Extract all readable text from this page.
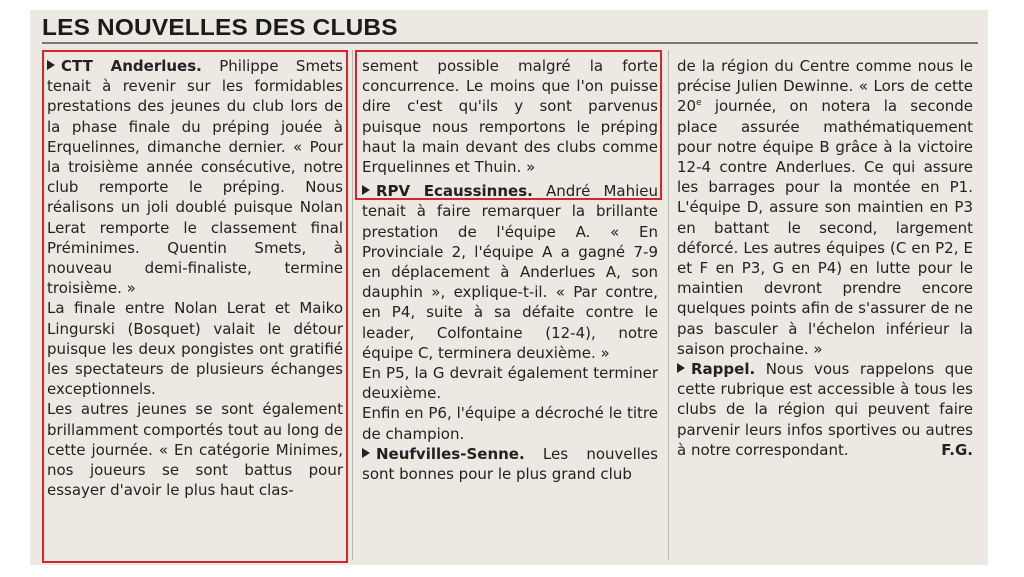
LES NOUVELLES DES CLUBS

CTT Anderlues. Philippe Smets tenait à revenir sur les formidables prestations des jeunes du club lors de la phase finale du préping jouée à Erquelinnes, dimanche dernier. « Pour la troisième année consécutive, notre club remporte le préping. Nous réalisons un joli doublé puisque Nolan Lerat remporte le classement final Préminimes. Quentin Smets, à nouveau demi-finaliste, termine troisième. »

La finale entre Nolan Lerat et Maiko Lingurski (Bosquet) valait le détour puisque les deux pongistes ont gratifié les spectateurs de plusieurs échanges exceptionnels.

Les autres jeunes se sont également brillamment comportés tout au long de cette journée. « En catégorie Minimes, nos joueurs se sont battus pour essayer d'avoir le plus haut clas-

sement possible malgré la forte concurrence. Le moins que l'on puisse dire c'est qu'ils y sont parvenus puisque nous remportons le préping haut la main devant des clubs comme Erquelinnes et Thuin. »

RPV Ecaussinnes. André Mahieu tenait à faire remarquer la brillante prestation de l'équipe A. « En Provinciale 2, l'équipe A a gagné 7-9 en déplacement à Anderlues A, son dauphin », explique-t-il. « Par contre, en P4, suite à sa défaite contre le leader, Colfontaine (12-4), notre équipe C, terminera deuxième. »

En P5, la G devrait également terminer deuxième.

Enfin en P6, l'équipe a décroché le titre de champion.

Neufvilles-Senne. Les nouvelles sont bonnes pour le plus grand club

de la région du Centre comme nous le précise Julien Dewinne. « Lors de cette 20e journée, on notera la seconde place assurée mathématiquement pour notre équipe B grâce à la victoire 12-4 contre Anderlues. Ce qui assure les barrages pour la montée en P1. L'équipe D, assure son maintien en P3 en battant le second, largement déforcé. Les autres équipes (C en P2, E et F en P3, G en P4) en lutte pour le maintien devront prendre encore quelques points afin de s'assurer de ne pas basculer à l'échelon inférieur la saison prochaine. »

Rappel. Nous vous rappelons que cette rubrique est accessible à tous les clubs de la région qui peuvent faire parvenir leurs infos sportives ou autres à notre correspondant.	F.G.
